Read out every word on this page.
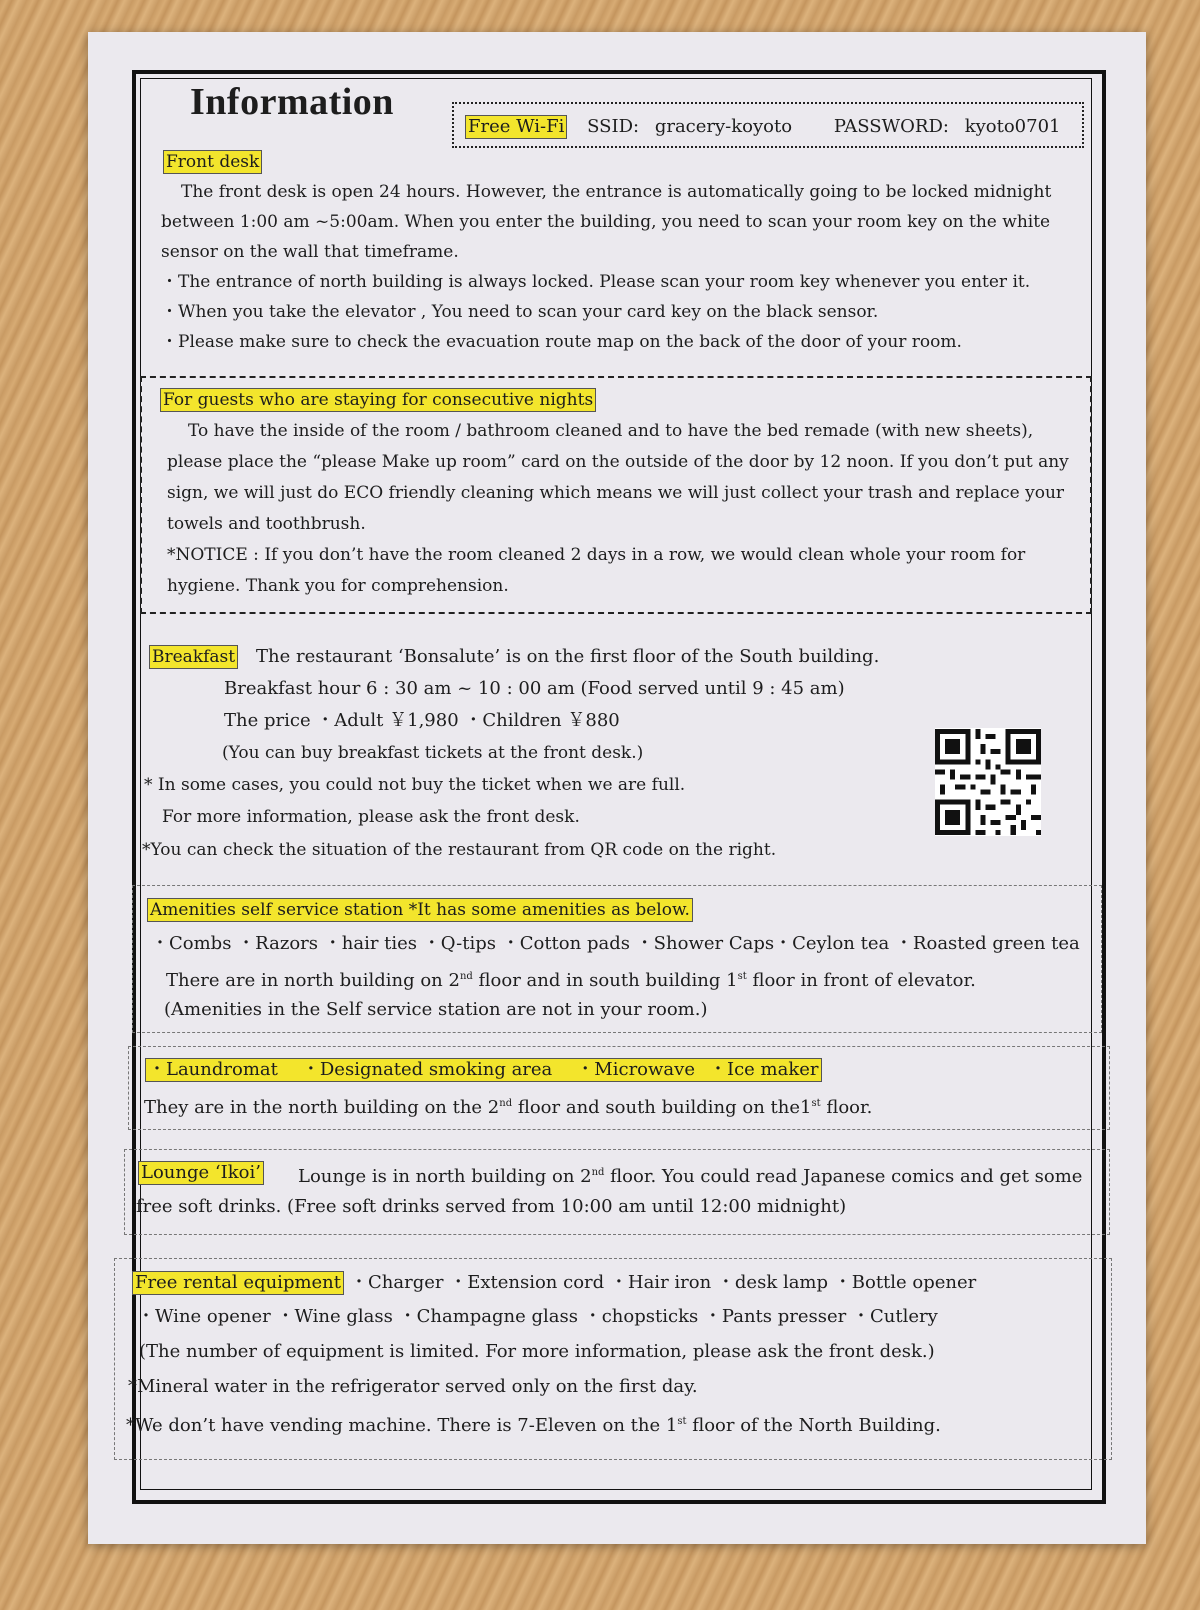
Information
Free Wi-Fi SSID: gracery-koyoto PASSWORD: kyoto0701
Front desk
The front desk is open 24 hours. However, the entrance is automatically going to be locked midnight
between 1:00 am ~5:00am. When you enter the building, you need to scan your room key on the white
sensor on the wall that timeframe.
・The entrance of north building is always locked. Please scan your room key whenever you enter it.
・When you take the elevator , You need to scan your card key on the black sensor.
・Please make sure to check the evacuation route map on the back of the door of your room.
For guests who are staying for consecutive nights
To have the inside of the room / bathroom cleaned and to have the bed remade (with new sheets),
please place the “please Make up room” card on the outside of the door by 12 noon. If you don’t put any
sign, we will just do ECO friendly cleaning which means we will just collect your trash and replace your
towels and toothbrush.
*NOTICE : If you don’t have the room cleaned 2 days in a row, we would clean whole your room for
hygiene. Thank you for comprehension.
Breakfast The restaurant ‘Bonsalute’ is on the first floor of the South building.
Breakfast hour 6 : 30 am ~ 10 : 00 am (Food served until 9 : 45 am)
The price ・Adult ￥1,980 ・Children ￥880
(You can buy breakfast tickets at the front desk.)
* In some cases, you could not buy the ticket when we are full.
For more information, please ask the front desk.
*You can check the situation of the restaurant from QR code on the right.
Amenities self service station *It has some amenities as below.
・Combs ・Razors ・hair ties ・Q-tips ・Cotton pads ・Shower Caps・Ceylon tea ・Roasted green tea
There are in north building on 2nd floor and in south building 1st floor in front of elevator.
(Amenities in the Self service station are not in your room.)
・Laundromat ・Designated smoking area ・Microwave ・Ice maker
They are in the north building on the 2nd floor and south building on the1st floor.
Lounge ‘Ikoi’ Lounge is in north building on 2nd floor. You could read Japanese comics and get some
free soft drinks. (Free soft drinks served from 10:00 am until 12:00 midnight)
Free rental equipment ・Charger ・Extension cord ・Hair iron ・desk lamp ・Bottle opener
・Wine opener ・Wine glass ・Champagne glass ・chopsticks ・Pants presser ・Cutlery
(The number of equipment is limited. For more information, please ask the front desk.)
*Mineral water in the refrigerator served only on the first day.
*We don’t have vending machine. There is 7-Eleven on the 1st floor of the North Building.
